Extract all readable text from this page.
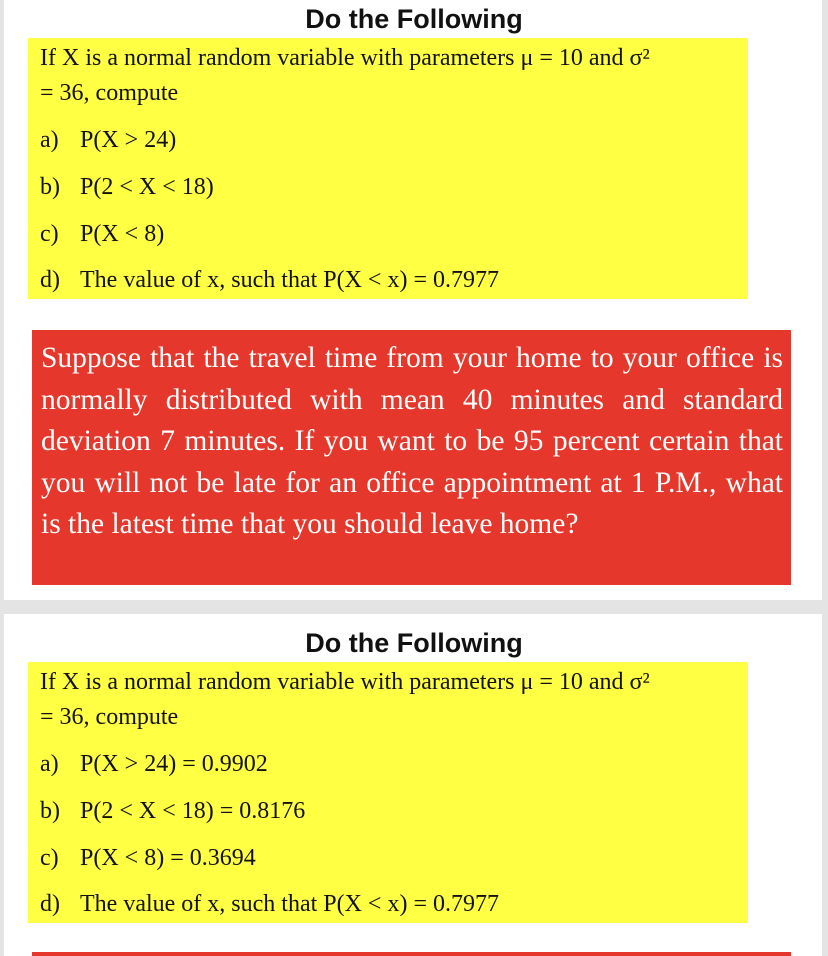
Do the Following
If X is a normal random variable with parameters μ = 10 and σ²
= 36, compute
a) P(X > 24)
b) P(2 < X < 18)
c) P(X < 8)
d) The value of x, such that P(X < x) = 0.7977
Suppose that the travel time from your home to your office is normally distributed with mean 40 minutes and standard deviation 7 minutes. If you want to be 95 percent certain that you will not be late for an office appointment at 1 P.M., what is the latest time that you should leave home?
Do the Following
If X is a normal random variable with parameters μ = 10 and σ²
= 36, compute
a) P(X > 24) = 0.9902
b) P(2 < X < 18) = 0.8176
c) P(X < 8) = 0.3694
d) The value of x, such that P(X < x) = 0.7977
